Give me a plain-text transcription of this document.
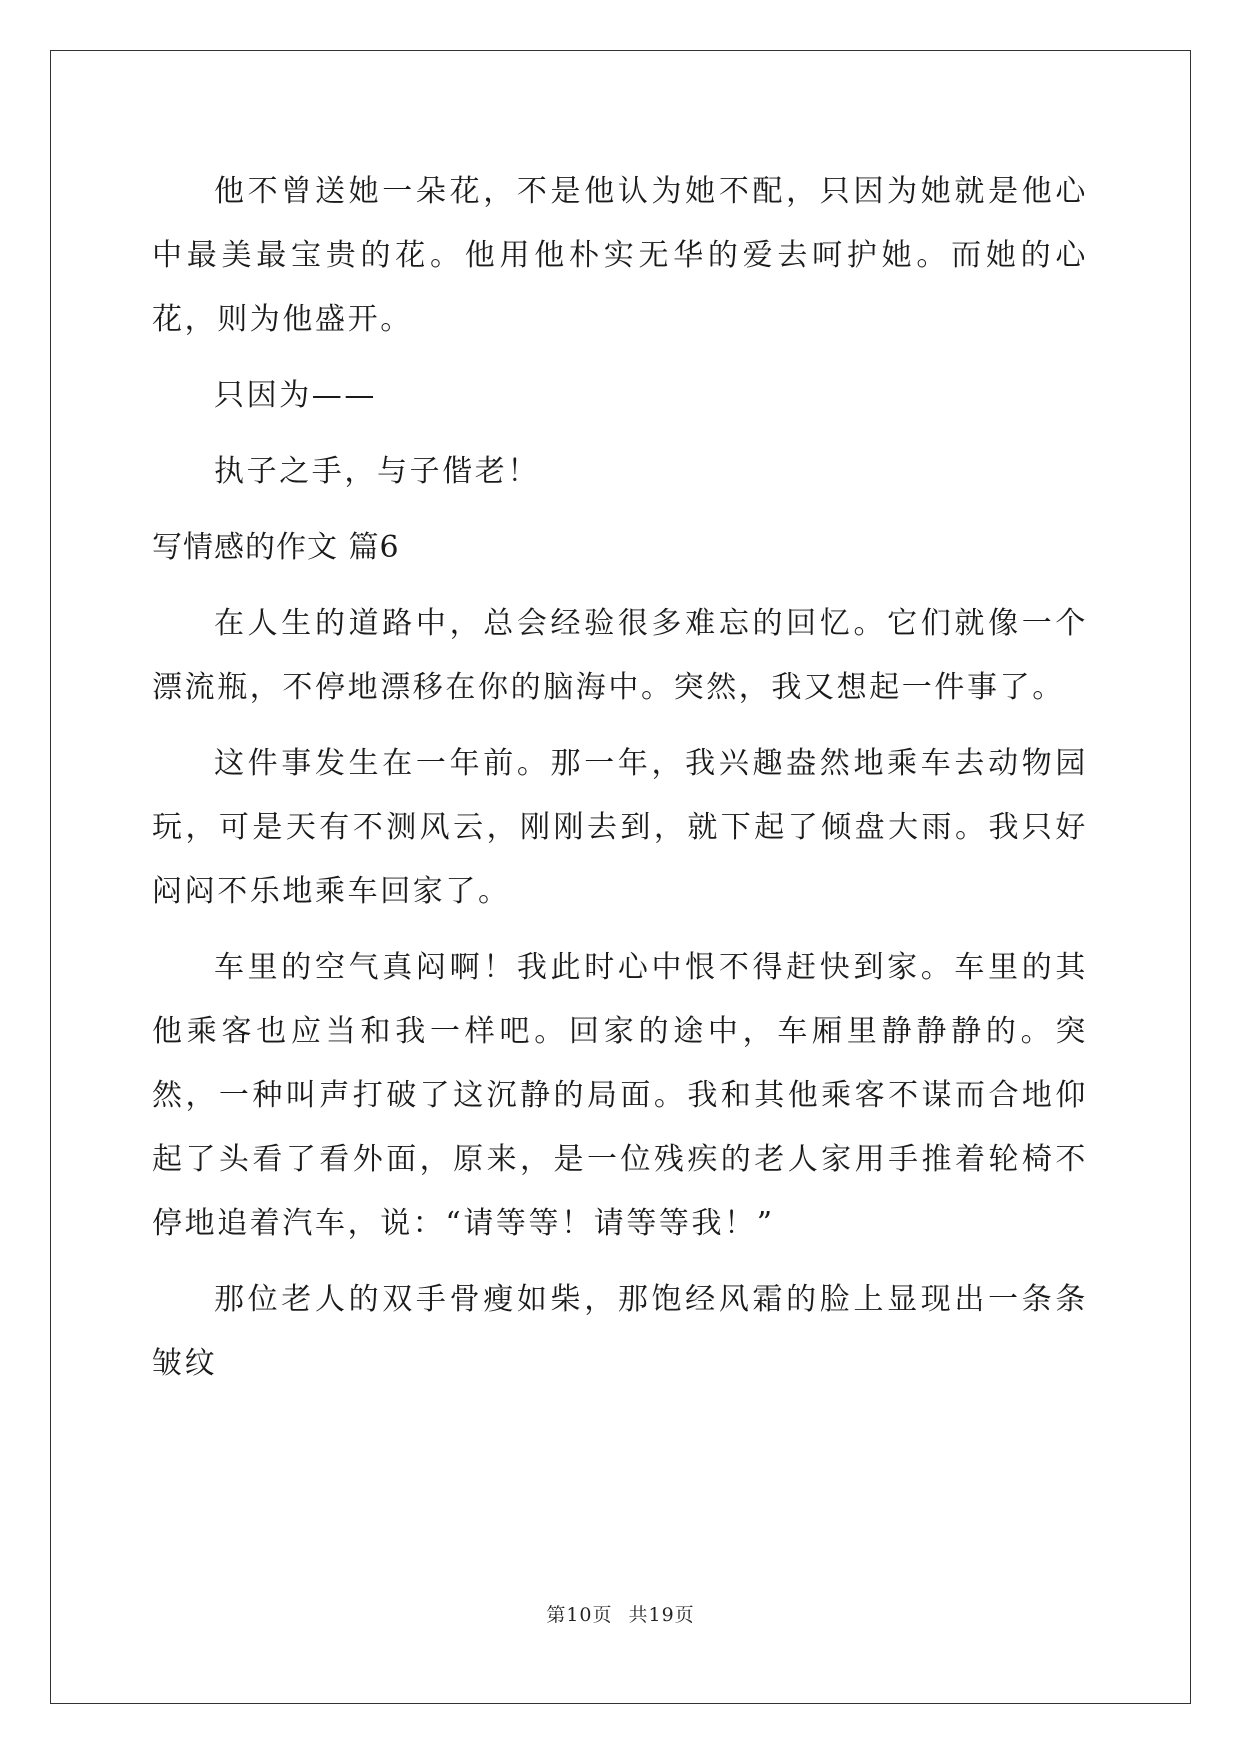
他不曾送她一朵花，不是他认为她不配，只因为她就是他心中最美最宝贵的花。他用他朴实无华的爱去呵护她。而她的心花，则为他盛开。

只因为——

执子之手，与子偕老！

写情感的作文 篇6

在人生的道路中，总会经验很多难忘的回忆。它们就像一个漂流瓶，不停地漂移在你的脑海中。突然，我又想起一件事了。

这件事发生在一年前。那一年，我兴趣盎然地乘车去动物园玩，可是天有不测风云，刚刚去到，就下起了倾盘大雨。我只好闷闷不乐地乘车回家了。

车里的空气真闷啊！我此时心中恨不得赶快到家。车里的其他乘客也应当和我一样吧。回家的途中，车厢里静静静的。突然，一种叫声打破了这沉静的局面。我和其他乘客不谋而合地仰起了头看了看外面，原来，是一位残疾的老人家用手推着轮椅不停地追着汽车，说：“请等等！请等等我！”

那位老人的双手骨瘦如柴，那饱经风霜的脸上显现出一条条皱纹

第10页 共19页
